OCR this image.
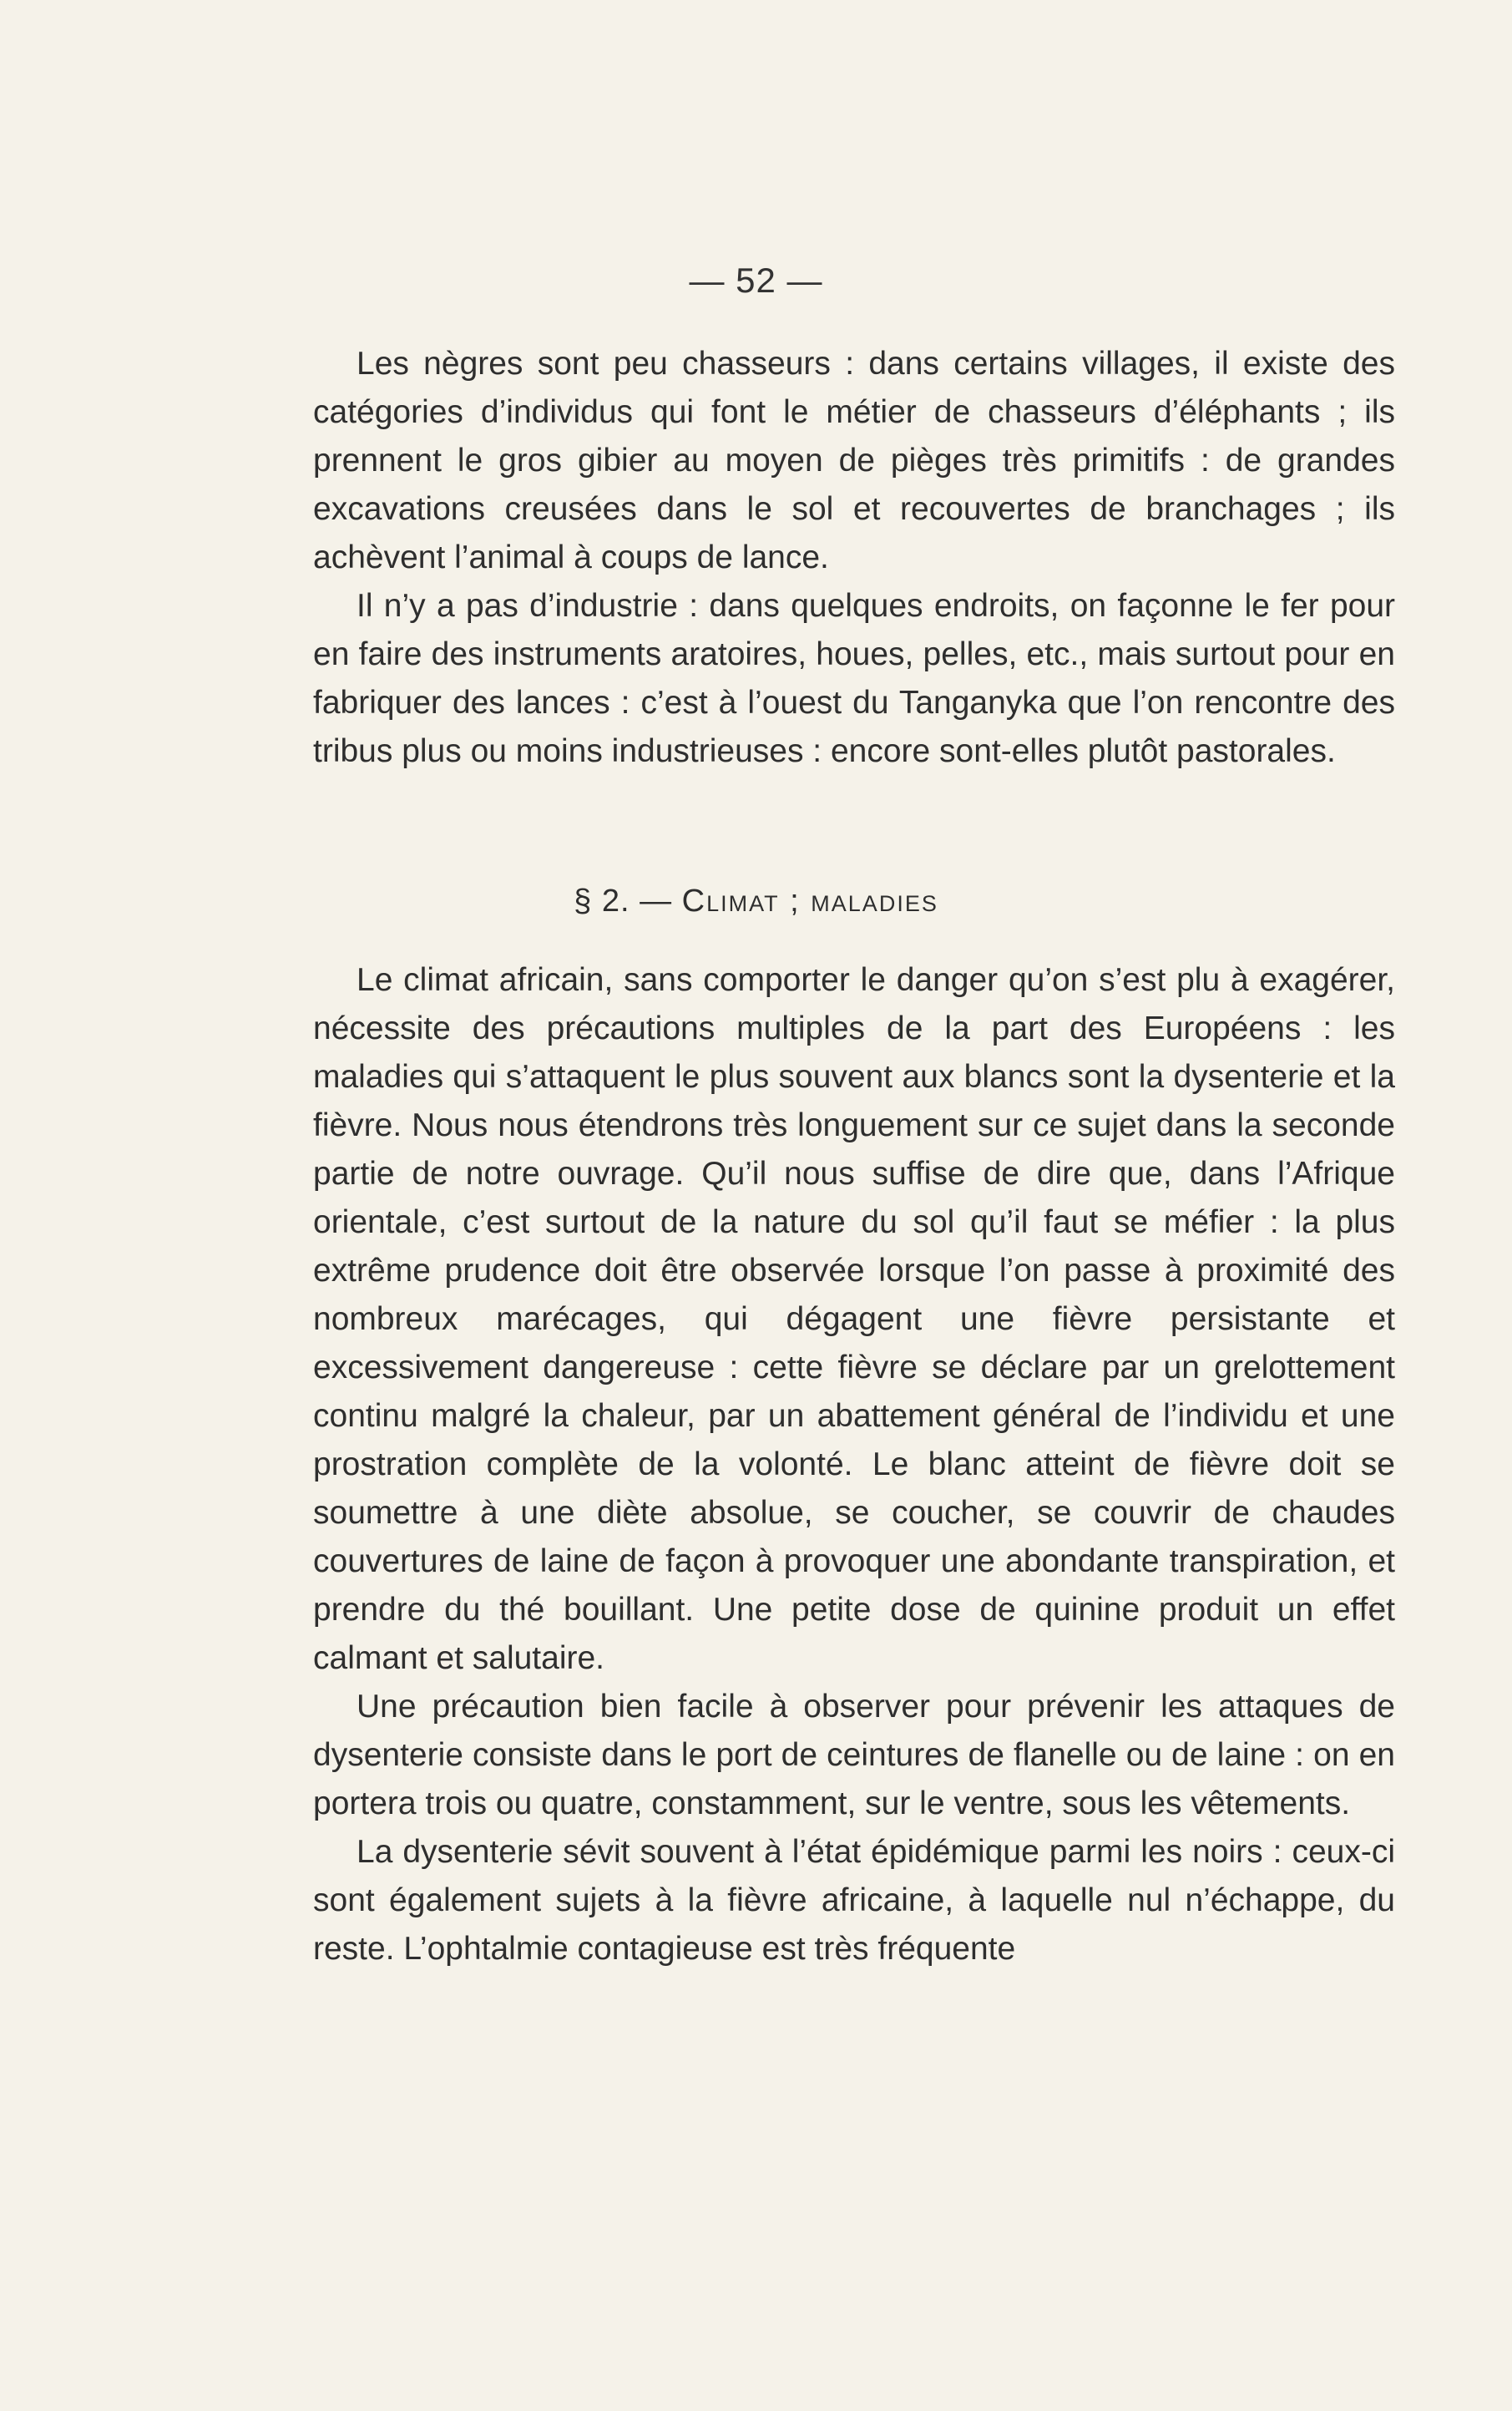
— 52 —

Les nègres sont peu chasseurs : dans certains villages, il existe des catégories d’individus qui font le métier de chasseurs d’éléphants ; ils prennent le gros gibier au moyen de pièges très primitifs : de grandes excavations creusées dans le sol et recouvertes de branchages ; ils achèvent l’animal à coups de lance.

Il n’y a pas d’industrie : dans quelques endroits, on façonne le fer pour en faire des instruments aratoires, houes, pelles, etc., mais surtout pour en fabriquer des lances : c’est à l’ouest du Tanganyka que l’on rencontre des tribus plus ou moins industrieuses : encore sont-elles plutôt pastorales.

§ 2. — Climat ; maladies

Le climat africain, sans comporter le danger qu’on s’est plu à exagérer, nécessite des précautions multiples de la part des Européens : les maladies qui s’attaquent le plus souvent aux blancs sont la dysenterie et la fièvre. Nous nous étendrons très longuement sur ce sujet dans la seconde partie de notre ouvrage. Qu’il nous suffise de dire que, dans l’Afrique orientale, c’est surtout de la nature du sol qu’il faut se méfier : la plus extrême prudence doit être observée lorsque l’on passe à proximité des nombreux marécages, qui dégagent une fièvre persistante et excessivement dangereuse : cette fièvre se déclare par un grelottement continu malgré la chaleur, par un abattement général de l’individu et une prostration complète de la volonté. Le blanc atteint de fièvre doit se soumettre à une diète absolue, se coucher, se couvrir de chaudes couvertures de laine de façon à provoquer une abondante transpiration, et prendre du thé bouillant. Une petite dose de quinine produit un effet calmant et salutaire.

Une précaution bien facile à observer pour prévenir les attaques de dysenterie consiste dans le port de ceintures de flanelle ou de laine : on en portera trois ou quatre, constamment, sur le ventre, sous les vêtements.

La dysenterie sévit souvent à l’état épidémique parmi les noirs : ceux-ci sont également sujets à la fièvre africaine, à laquelle nul n’échappe, du reste. L’ophtalmie contagieuse est très fréquente
